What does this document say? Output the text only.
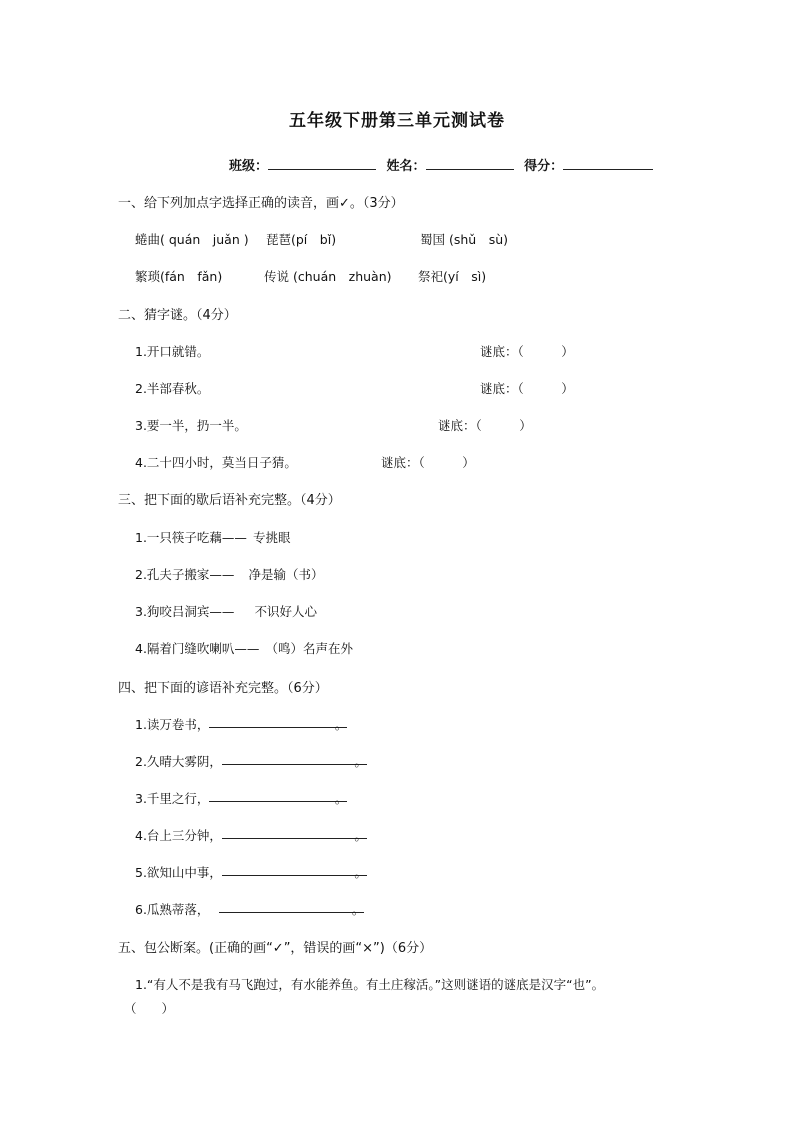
五年级下册第三单元测试卷
班级：	姓名：	得分：
一、给下列加点字选择正确的读音，画✓。（3分）
蜷曲( quán　juǎn ) 琵琶(pí　bǐ)	蜀国 (shǔ　sù)
繁琐(fán　fǎn)	传说 (chuán　zhuàn) 祭祀(yí　sì)
二、猜字谜。（4分）
1.开口就错。	谜底：（　　　）
2.半部春秋。	谜底：（　　　）
3.要一半，扔一半。	谜底：（　　　）
4.二十四小时，莫当日子猜。	谜底：（　　　）
三、把下面的歇后语补充完整。（4分）
1.一只筷子吃藕—— 专挑眼
2.孔夫子搬家—— 净是输（书）
3.狗咬吕洞宾—— 不识好人心
4.隔着门缝吹喇叭—— （鸣）名声在外
四、把下面的谚语补充完整。（6分）
1.读万卷书，	。
2.久晴大雾阴，	。
3.千里之行，	。
4.台上三分钟，	。
5.欲知山中事，	。
6.瓜熟蒂落，	。
五、包公断案。(正确的画“✓”，错误的画“×”)（6分）
1.“有人不是我有马飞跑过，有水能养鱼。有土庄稼活。”这则谜语的谜底是汉字“也”。
（　　）
